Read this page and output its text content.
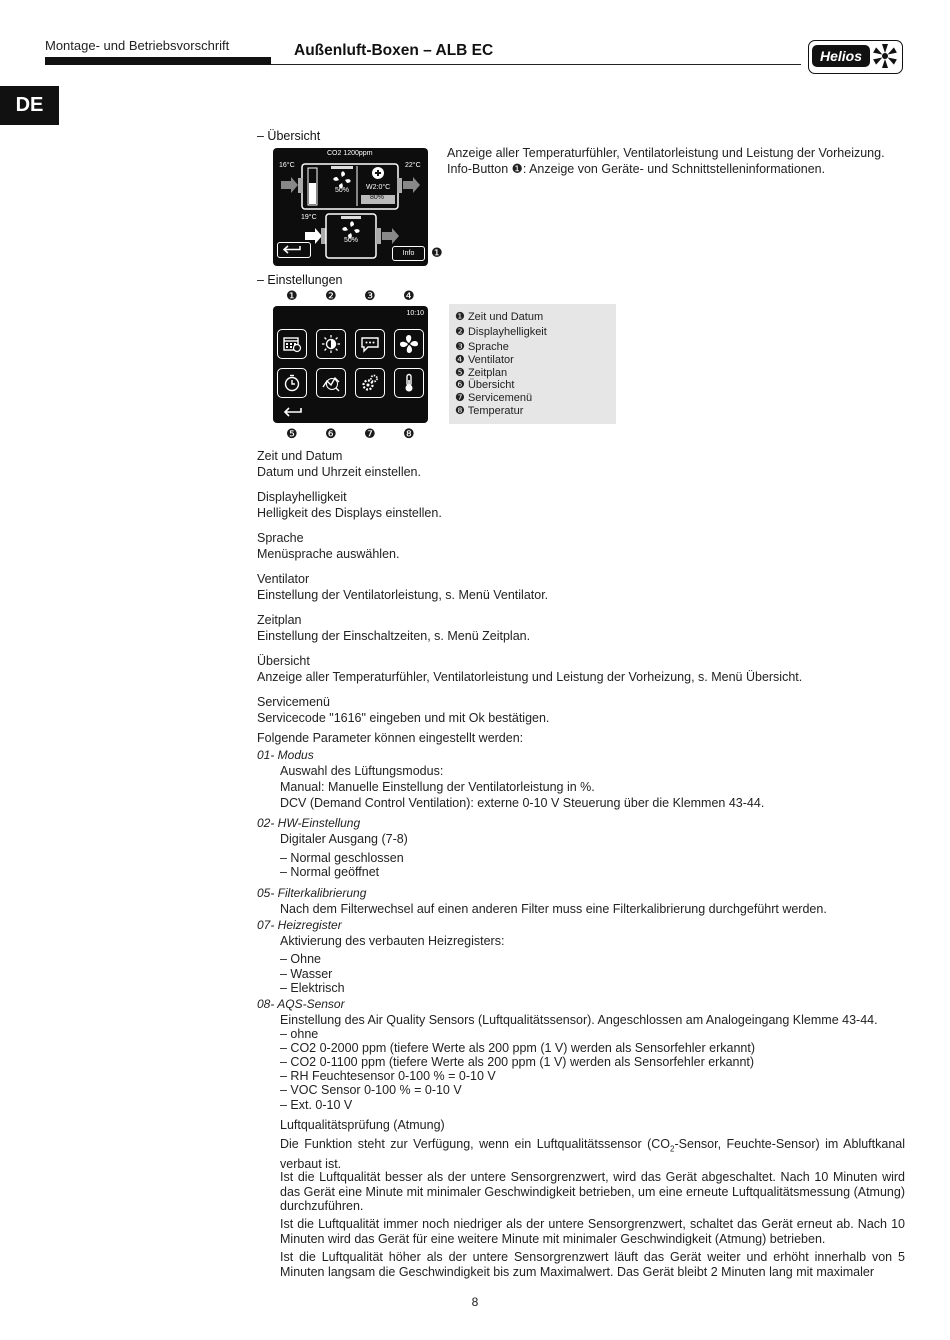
Montage- und Betriebsvorschrift	Außenluft-Boxen – ALB EC	Helios
DE
– Übersicht
CO2 1200ppm
16°C	22°C
50% W2:0°C
80%
19°C
50%
Info	❶
Anzeige aller Temperaturfühler, Ventilatorleistung und Leistung der Vorheizung.
Info-Button ❶: Anzeige von Geräte- und Schnittstelleninformationen.
– Einstellungen
❶ ❷ ❸ ❹
10:10
❺ ❻ ❼ ❽
❶ Zeit und Datum
❷ Displayhelligkeit
❸ Sprache
❹ Ventilator
❺ Zeitplan
❻ Übersicht
❼ Servicemenü
❽ Temperatur
Zeit und Datum
Datum und Uhrzeit einstellen.
Displayhelligkeit
Helligkeit des Displays einstellen.
Sprache
Menüsprache auswählen.
Ventilator
Einstellung der Ventilatorleistung, s. Menü Ventilator.
Zeitplan
Einstellung der Einschaltzeiten, s. Menü Zeitplan.
Übersicht
Anzeige aller Temperaturfühler, Ventilatorleistung und Leistung der Vorheizung, s. Menü Übersicht.
Servicemenü
Servicecode "1616" eingeben und mit Ok bestätigen.
Folgende Parameter können eingestellt werden:
01- Modus
Auswahl des Lüftungsmodus:
Manual: Manuelle Einstellung der Ventilatorleistung in %.
DCV (Demand Control Ventilation): externe 0-10 V Steuerung über die Klemmen 43-44.
02- HW-Einstellung
Digitaler Ausgang (7-8)
– Normal geschlossen
– Normal geöffnet
05- Filterkalibrierung
Nach dem Filterwechsel auf einen anderen Filter muss eine Filterkalibrierung durchgeführt werden.
07- Heizregister
Aktivierung des verbauten Heizregisters:
– Ohne
– Wasser
– Elektrisch
08- AQS-Sensor
Einstellung des Air Quality Sensors (Luftqualitätssensor). Angeschlossen am Analogeingang Klemme 43-44.
– ohne
– CO2 0-2000 ppm (tiefere Werte als 200 ppm (1 V) werden als Sensorfehler erkannt)
– CO2 0-1100 ppm (tiefere Werte als 200 ppm (1 V) werden als Sensorfehler erkannt)
– RH Feuchtesensor 0-100 % = 0-10 V
– VOC Sensor 0-100 % = 0-10 V
– Ext. 0-10 V
Luftqualitätsprüfung (Atmung)
Die Funktion steht zur Verfügung, wenn ein Luftqualitätssensor ($CO_2$-Sensor, Feuchte-Sensor) im Abluftkanal verbaut ist.
Ist die Luftqualität besser als der untere Sensorgrenzwert, wird das Gerät abgeschaltet. Nach 10 Minuten wird das Gerät eine Minute mit minimaler Geschwindigkeit betrieben, um eine erneute Luftqualitätsmessung (Atmung) durchzuführen.
Ist die Luftqualität immer noch niedriger als der untere Sensorgrenzwert, schaltet das Gerät erneut ab. Nach 10 Minuten wird das Gerät für eine weitere Minute mit minimaler Geschwindigkeit (Atmung) betrieben.
Ist die Luftqualität höher als der untere Sensorgrenzwert läuft das Gerät weiter und erhöht innerhalb von 5 Minuten langsam die Geschwindigkeit bis zum Maximalwert. Das Gerät bleibt 2 Minuten lang mit maximaler
8
